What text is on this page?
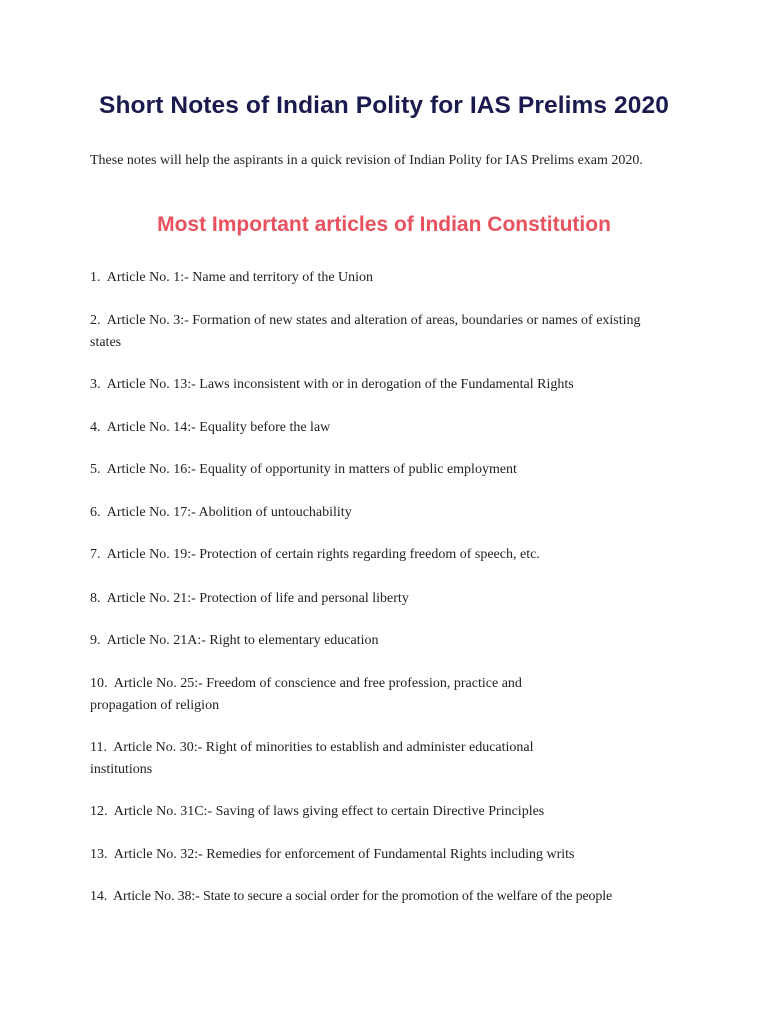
Short Notes of Indian Polity for IAS Prelims 2020

These notes will help the aspirants in a quick revision of Indian Polity for IAS Prelims exam 2020.

Most Important articles of Indian Constitution

1.  Article No. 1:- Name and territory of the Union

2.  Article No. 3:- Formation of new states and alteration of areas, boundaries or names of existing states

3.  Article No. 13:- Laws inconsistent with or in derogation of the Fundamental Rights

4.  Article No. 14:- Equality before the law

5.  Article No. 16:- Equality of opportunity in matters of public employment

6.  Article No. 17:- Abolition of untouchability

7.  Article No. 19:- Protection of certain rights regarding freedom of speech, etc.

8.  Article No. 21:- Protection of life and personal liberty

9.  Article No. 21A:- Right to elementary education

10.  Article No. 25:- Freedom of conscience and free profession, practice and propagation of religion

11.  Article No. 30:- Right of minorities to establish and administer educational institutions

12.  Article No. 31C:- Saving of laws giving effect to certain Directive Principles

13.  Article No. 32:- Remedies for enforcement of Fundamental Rights including writs

14.  Article No. 38:- State to secure a social order for the promotion of the welfare of the people
